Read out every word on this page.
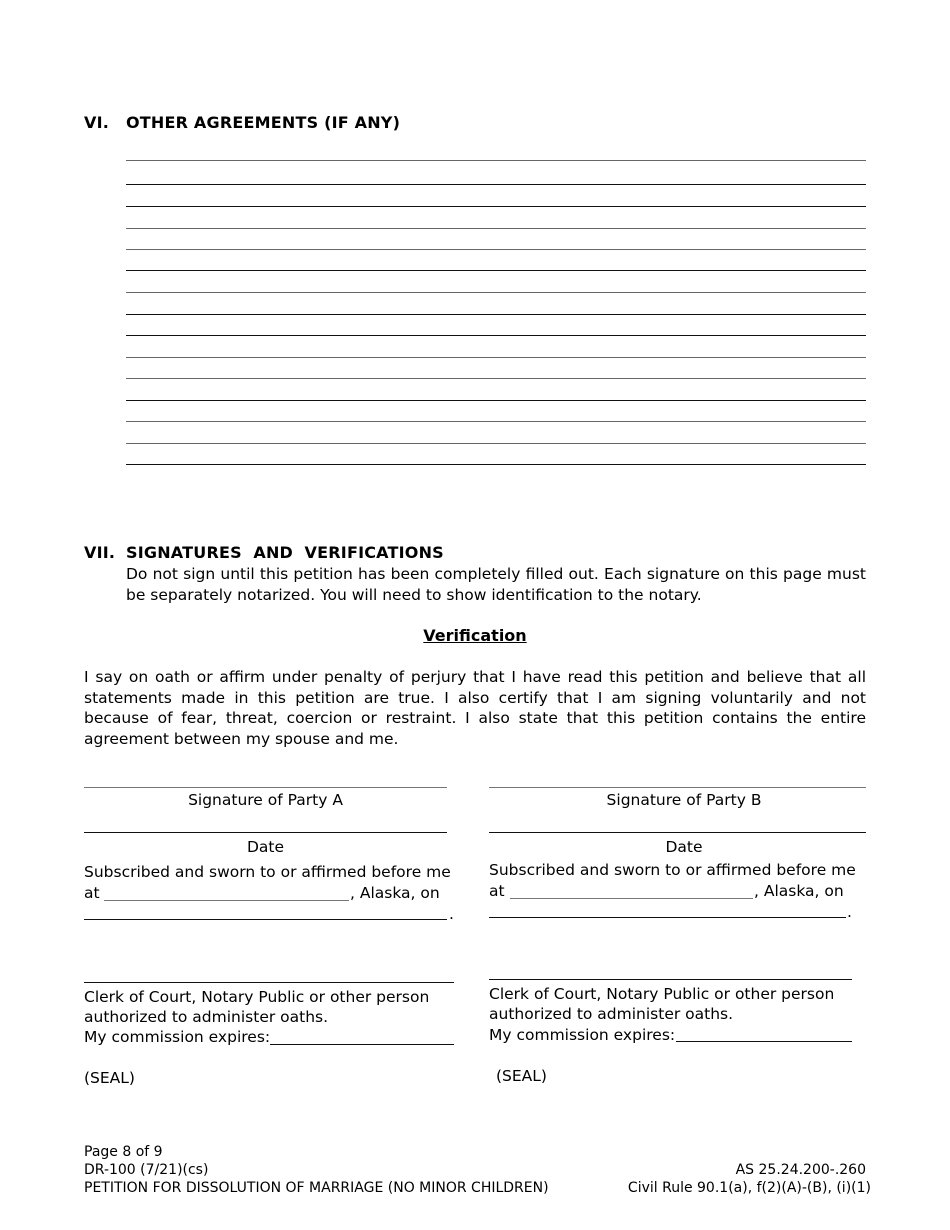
VI. OTHER AGREEMENTS (IF ANY)
VII. SIGNATURES  AND  VERIFICATIONS
Do not sign until this petition has been completely filled out. Each signature on this page must be separately notarized. You will need to show identification to the notary.
Verification
I say on oath or affirm under penalty of perjury that I have read this petition and believe that all statements made in this petition are true. I also certify that I am signing voluntarily and not because of fear, threat, coercion or restraint. I also state that this petition contains the entire agreement between my spouse and me.
Signature of Party A
Date
Subscribed and sworn to or affirmed before me
at	, Alaska, on
.
Clerk of Court, Notary Public or other person
authorized to administer oaths.
My commission expires:
(SEAL)
Signature of Party B
Date
Subscribed and sworn to or affirmed before me
at	, Alaska, on
.
Clerk of Court, Notary Public or other person
authorized to administer oaths.
My commission expires:
(SEAL)
Page 8 of 9
DR-100 (7/21)(cs)
PETITION FOR DISSOLUTION OF MARRIAGE (NO MINOR CHILDREN)
AS 25.24.200-.260
Civil Rule 90.1(a), f(2)(A)-(B), (i)(1)
